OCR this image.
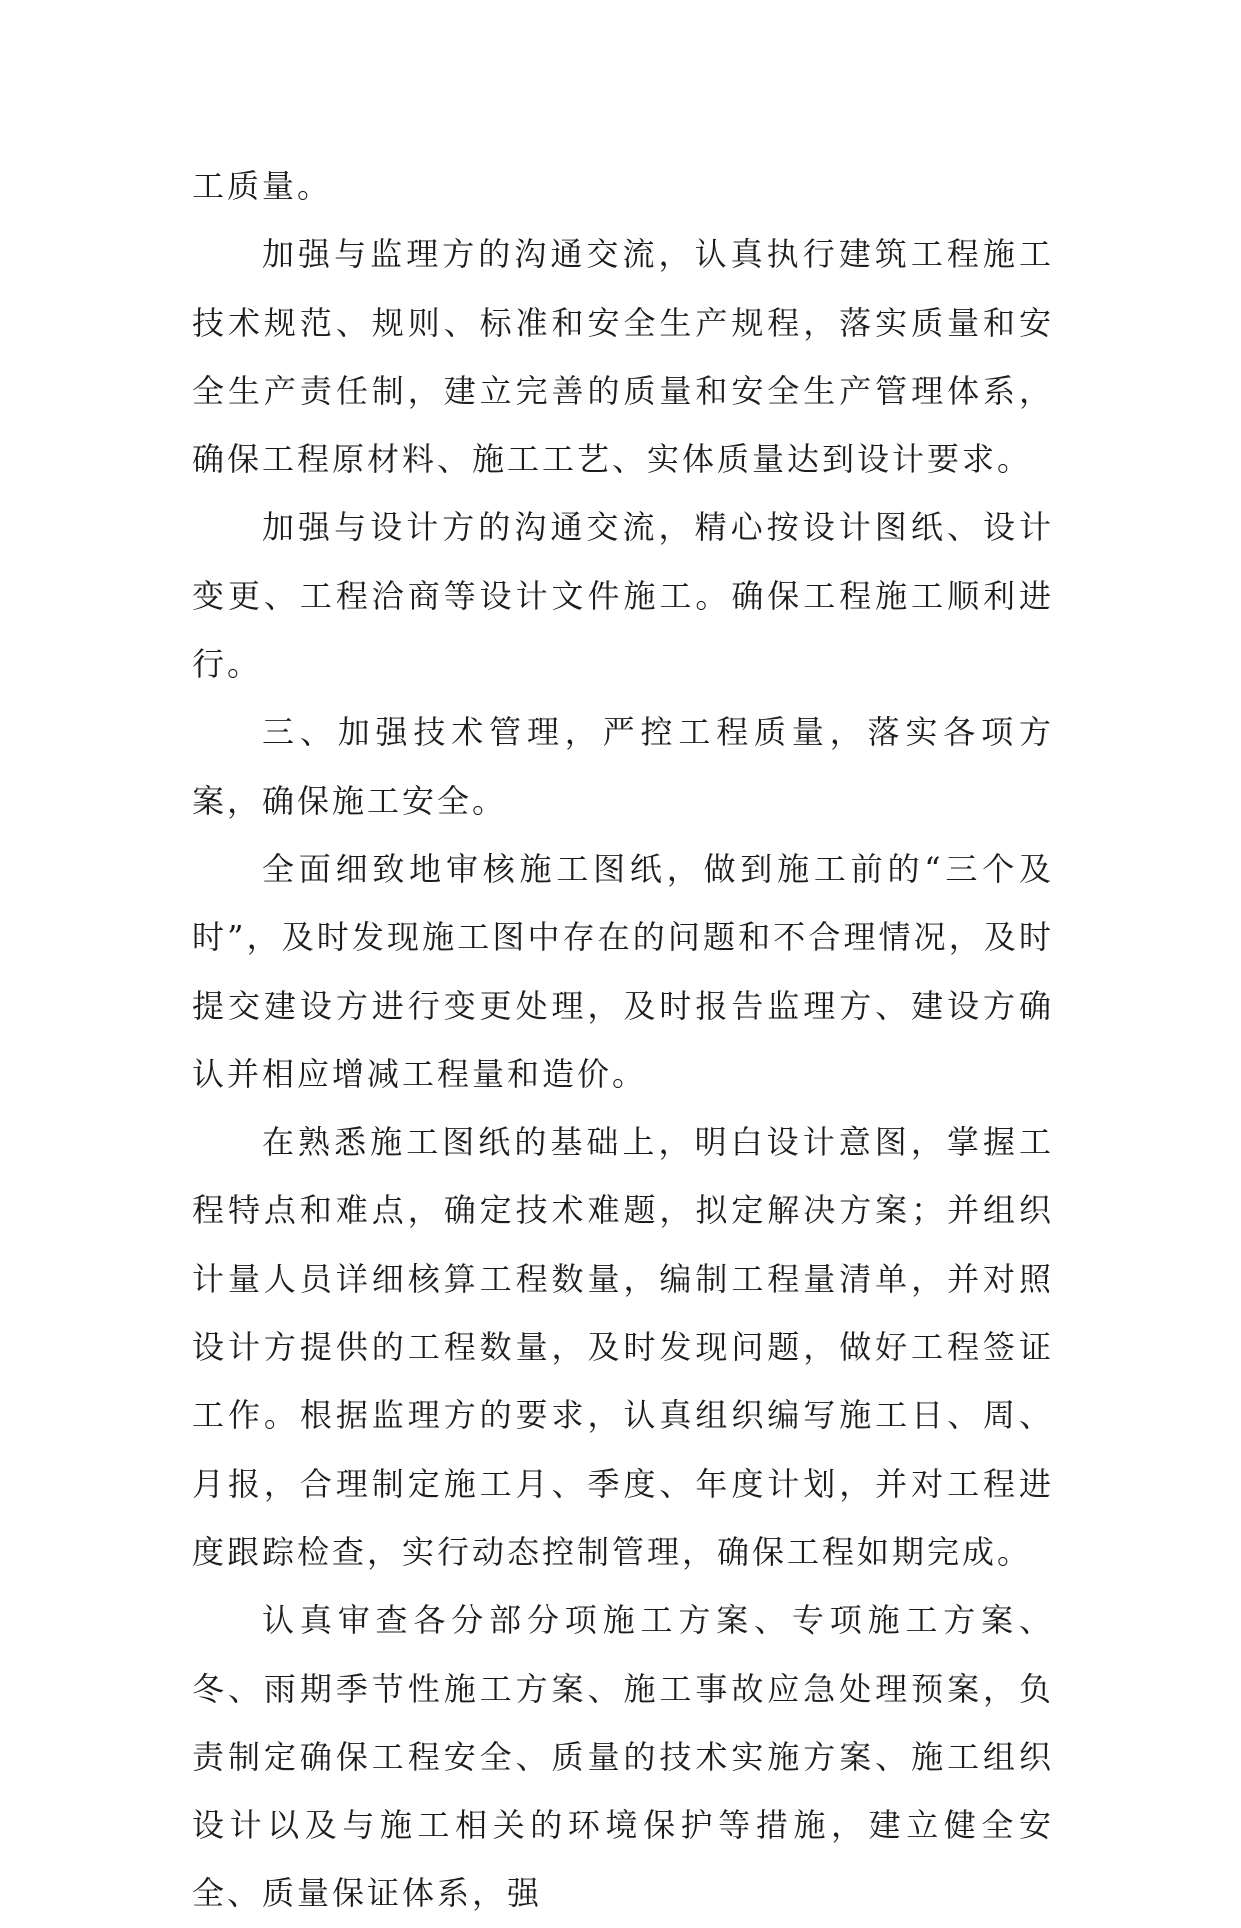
工质量。

加强与监理方的沟通交流，认真执行建筑工程施工技术规范、规则、标准和安全生产规程，落实质量和安全生产责任制，建立完善的质量和安全生产管理体系，确保工程原材料、施工工艺、实体质量达到设计要求。

加强与设计方的沟通交流，精心按设计图纸、设计变更、工程洽商等设计文件施工。确保工程施工顺利进行。

三、加强技术管理，严控工程质量，落实各项方案，确保施工安全。

全面细致地审核施工图纸，做到施工前的“三个及时”，及时发现施工图中存在的问题和不合理情况，及时提交建设方进行变更处理，及时报告监理方、建设方确认并相应增减工程量和造价。

在熟悉施工图纸的基础上，明白设计意图，掌握工程特点和难点，确定技术难题，拟定解决方案；并组织计量人员详细核算工程数量，编制工程量清单，并对照设计方提供的工程数量，及时发现问题，做好工程签证工作。根据监理方的要求，认真组织编写施工日、周、月报，合理制定施工月、季度、年度计划，并对工程进度跟踪检查，实行动态控制管理，确保工程如期完成。

认真审查各分部分项施工方案、专项施工方案、冬、雨期季节性施工方案、施工事故应急处理预案，负责制定确保工程安全、质量的技术实施方案、施工组织设计以及与施工相关的环境保护等措施，建立健全安全、质量保证体系，强
